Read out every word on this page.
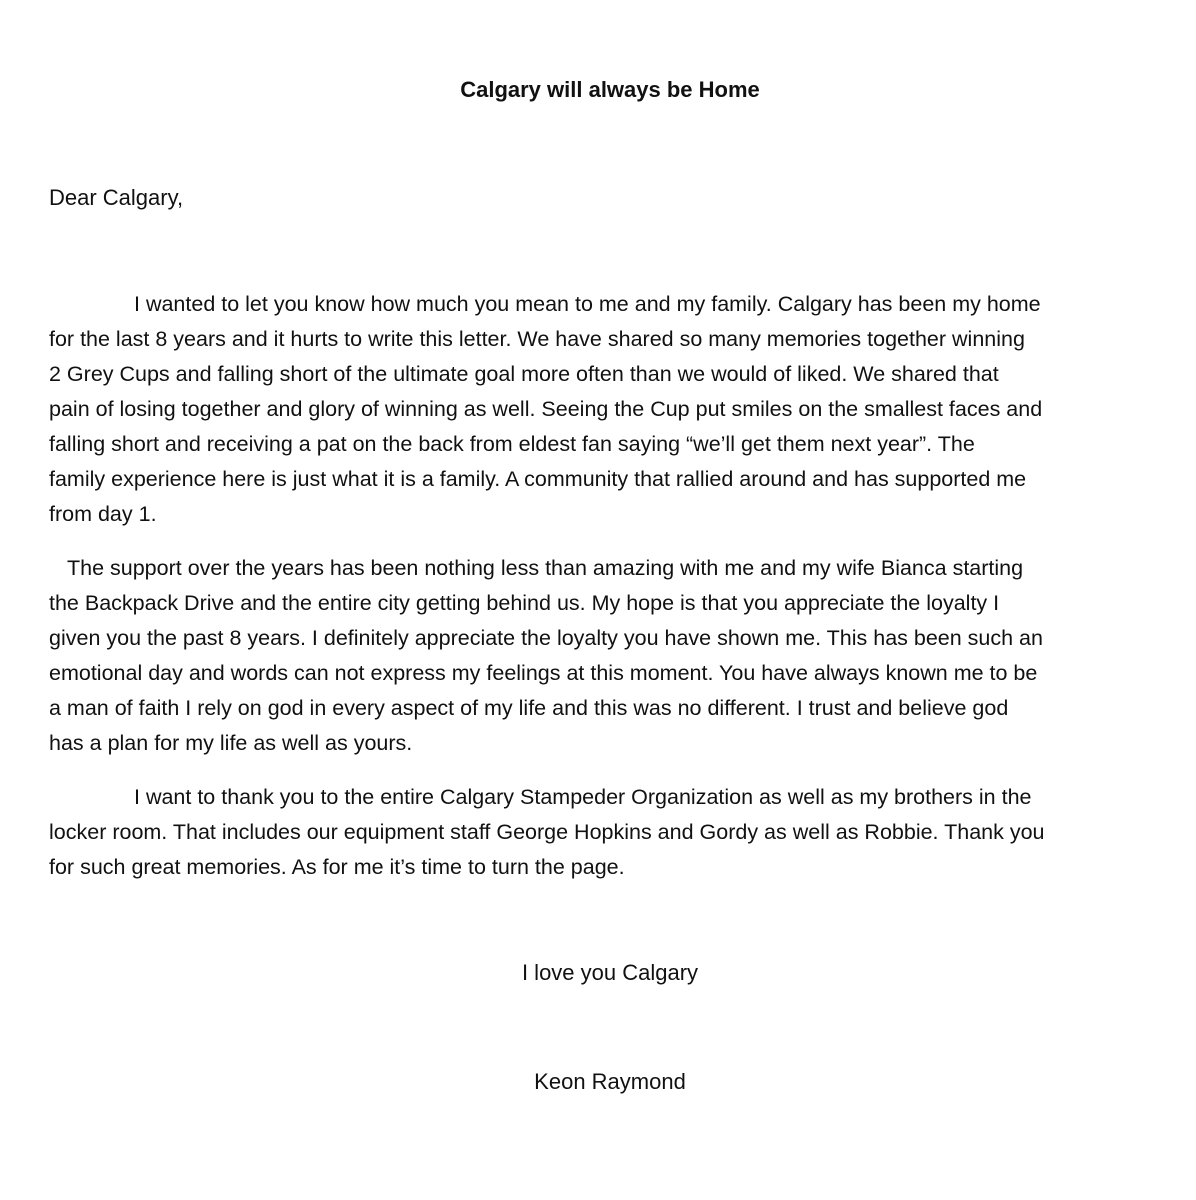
Calgary will always be Home
Dear Calgary,
I wanted to let you know how much you mean to me and my family. Calgary has been my home
for the last 8 years and it hurts to write this letter. We have shared so many memories together winning
2 Grey Cups and falling short of the ultimate goal more often than we would of liked. We shared that
pain of losing together and glory of winning as well. Seeing the Cup put smiles on the smallest faces and
falling short and receiving a pat on the back from eldest fan saying “we’ll get them next year”. The
family experience here is just what it is a family. A community that rallied around and has supported me
from day 1.
The support over the years has been nothing less than amazing with me and my wife Bianca starting
the Backpack Drive and the entire city getting behind us. My hope is that you appreciate the loyalty I
given you the past 8 years. I definitely appreciate the loyalty you have shown me. This has been such an
emotional day and words can not express my feelings at this moment. You have always known me to be
a man of faith I rely on god in every aspect of my life and this was no different. I trust and believe god
has a plan for my life as well as yours.
I want to thank you to the entire Calgary Stampeder Organization as well as my brothers in the
locker room. That includes our equipment staff George Hopkins and Gordy as well as Robbie. Thank you
for such great memories. As for me it’s time to turn the page.
I love you Calgary
Keon Raymond
